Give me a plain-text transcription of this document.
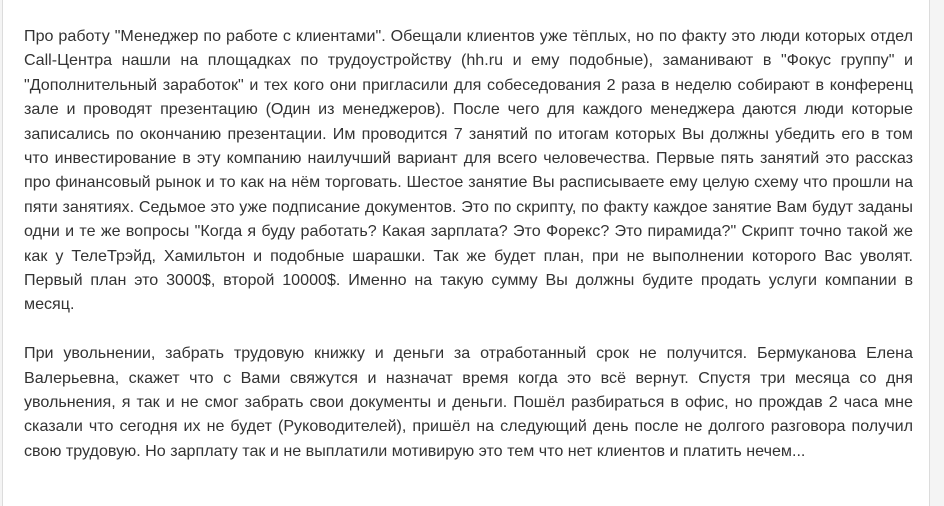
Про работу "Менеджер по работе с клиентами". Обещали клиентов уже тёплых, но по факту это люди которых отдел Call-Центра нашли на площадках по трудоустройству (hh.ru и ему подобные), заманивают в "Фокус группу" и "Дополнительный заработок" и тех кого они пригласили для собеседования 2 раза в неделю собирают в конференц зале и проводят презентацию (Один из менеджеров). После чего для каждого менеджера даются люди которые записались по окончанию презентации. Им проводится 7 занятий по итогам которых Вы должны убедить его в том что инвестирование в эту компанию наилучший вариант для всего человечества. Первые пять занятий это рассказ про финансовый рынок и то как на нём торговать. Шестое занятие Вы расписываете ему целую схему что прошли на пяти занятиях. Седьмое это уже подписание документов. Это по скрипту, по факту каждое занятие Вам будут заданы одни и те же вопросы "Когда я буду работать? Какая зарплата? Это Форекс? Это пирамида?" Скрипт точно такой же как у ТелеТрэйд, Хамильтон и подобные шарашки. Так же будет план, при не выполнении которого Вас уволят. Первый план это 3000$, второй 10000$. Именно на такую сумму Вы должны будите продать услуги компании в месяц.

При увольнении, забрать трудовую книжку и деньги за отработанный срок не получится. Бермуканова Елена Валерьевна, скажет что с Вами свяжутся и назначат время когда это всё вернут. Спустя три месяца со дня увольнения, я так и не смог забрать свои документы и деньги. Пошёл разбираться в офис, но прождав 2 часа мне сказали что сегодня их не будет (Руководителей), пришёл на следующий день после не долгого разговора получил свою трудовую. Но зарплату так и не выплатили мотивирую это тем что нет клиентов и платить нечем...
